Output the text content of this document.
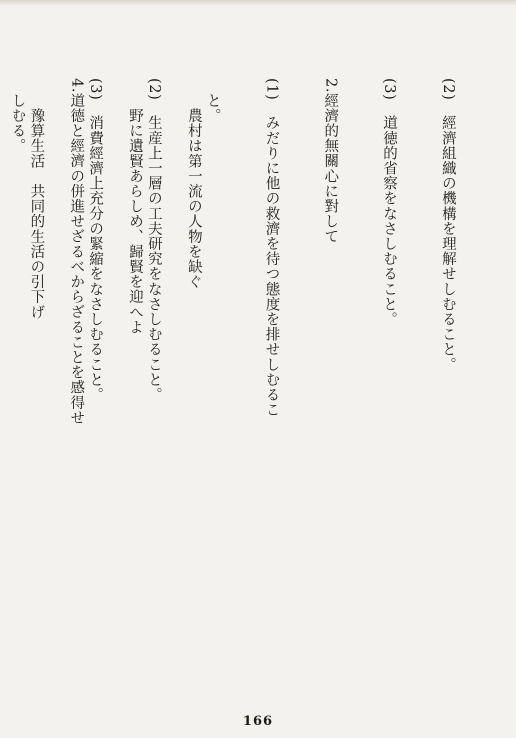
(2)　經濟組織の機構を理解せしむること。

(3)　道徳的省察をなさしむること。

2.經濟的無關心に對して

(1)　みだりに他の救濟を待つ態度を排せしむるこ

　と。

(2)　生産上一層の工夫研究をなさしむること。

(3)　消費經濟上充分の緊縮をなさしむること。

　　豫算生活　共同的生活の引下げ

	　　農村は第一流の人物を缺ぐ

　　野に遺賢あらしめ、歸賢を迎へよ

4.道德と經濟の併進せざるべからざることを感得せ

　しむる。

166
